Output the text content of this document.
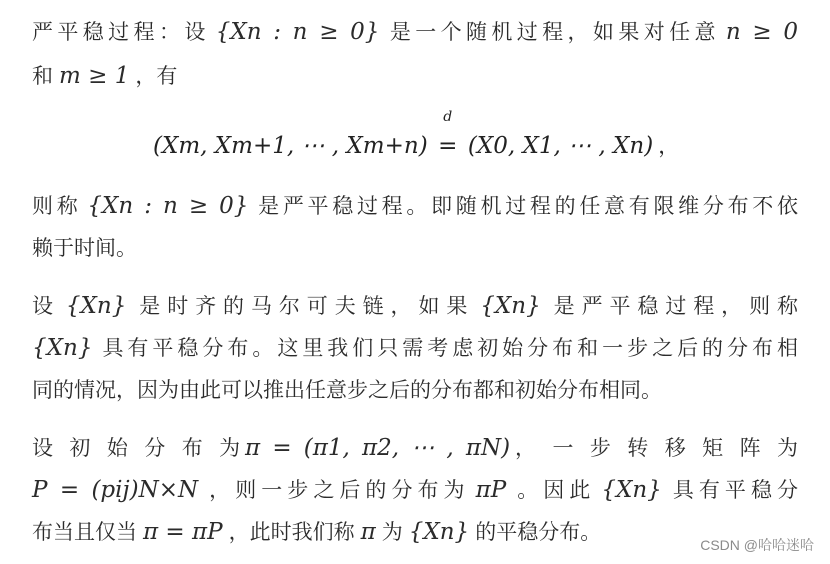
严平稳过程：设 {Xn : n ≥ 0} 是一个随机过程，如果对任意 n ≥ 0
和 m ≥ 1 ，有
(Xm, Xm+1, ⋯ , Xm+n)
d
= (X0, X1, ⋯ , Xn) ，
则称 {Xn : n ≥ 0} 是严平稳过程。即随机过程的任意有限维分布不依
赖于时间。
设 {Xn} 是时齐的马尔可夫链，如果 {Xn} 是严平稳过程，则称
{Xn} 具有平稳分布。这里我们只需考虑初始分布和一步之后的分布相
同的情况，因为由此可以推出任意步之后的分布都和初始分布相同。
设 初 始 分 布 为π = (π1, π2, ⋯ , πN)， 一 步 转 移 矩 阵 为
P = (pij)N×N ，则一步之后的分布为 πP 。因此 {Xn} 具有平稳分
布当且仅当 π = πP ，此时我们称 π 为 {Xn} 的平稳分布。
CSDN @哈哈迷哈
